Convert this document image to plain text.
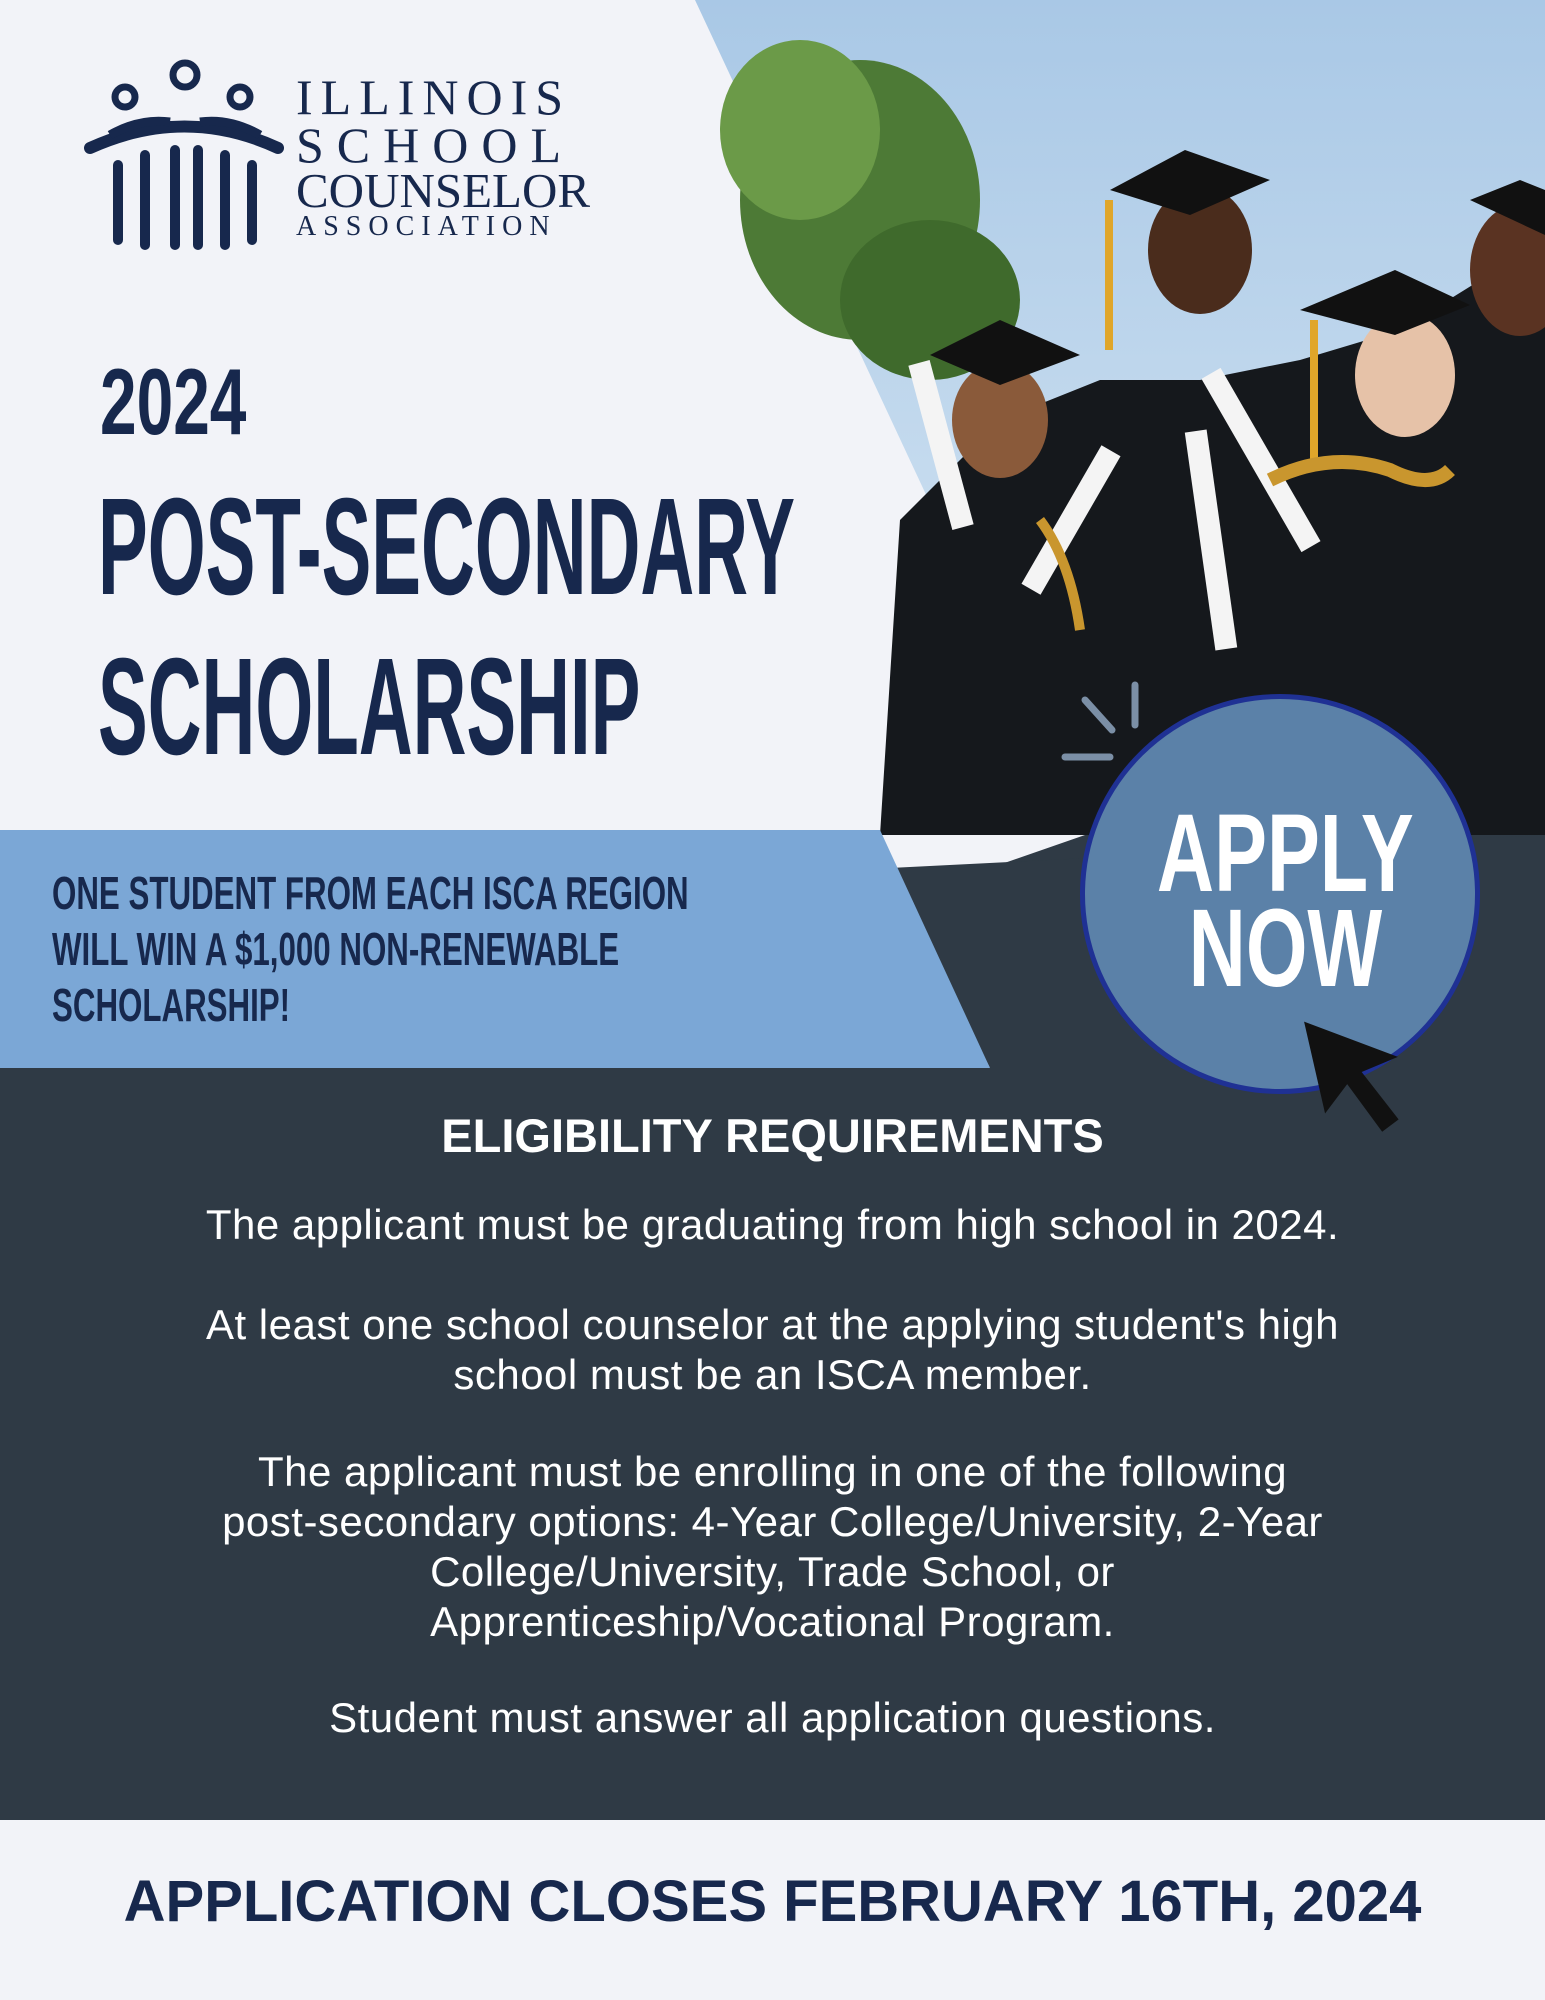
ILLINOIS
SCHOOL
COUNSELOR
ASSOCIATION
2024
POST-SECONDARY
SCHOLARSHIP
ONE STUDENT FROM EACH ISCA REGION
WILL WIN A $1,000 NON-RENEWABLE
SCHOLARSHIP!
APPLY
NOW
ELIGIBILITY REQUIREMENTS
The applicant must be graduating from high school in 2024.
At least one school counselor at the applying student's high
school must be an ISCA member.
The applicant must be enrolling in one of the following
post-secondary options: 4-Year College/University, 2-Year
College/University, Trade School, or
Apprenticeship/Vocational Program.
Student must answer all application questions.
APPLICATION CLOSES FEBRUARY 16TH, 2024
